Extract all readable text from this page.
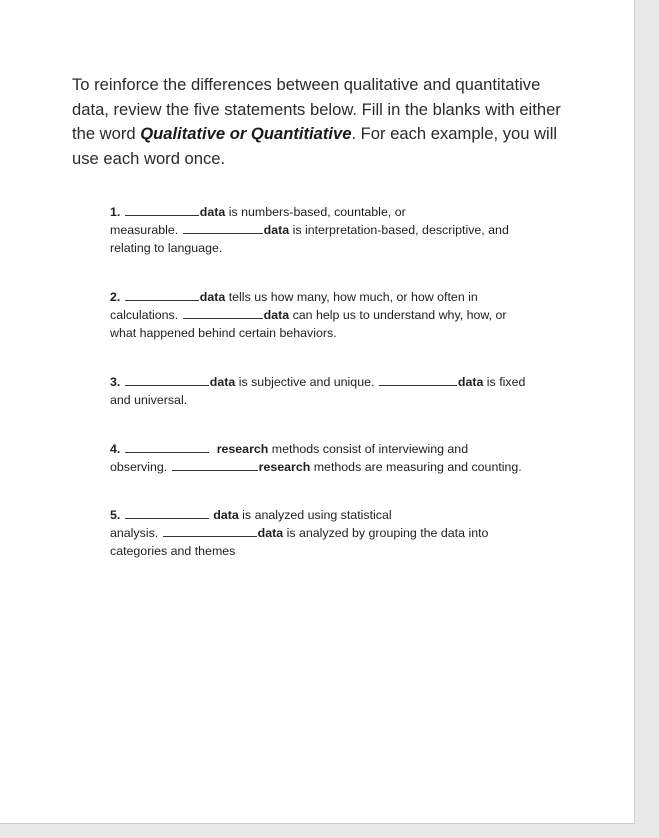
To reinforce the differences between qualitative and quantitative data, review the five statements below. Fill in the blanks with either the word Qualitative or Quantitiative. For each example, you will use each word once.
1.	data is numbers-based, countable, or
measurable.	data is interpretation-based, descriptive, and
relating to language.
2.	data tells us how many, how much, or how often in
calculations.	data can help us to understand why, how, or
what happened behind certain behaviors.
3.	data is subjective and unique.	data is fixed
and universal.
4.	research methods consist of interviewing and
observing.	research methods are measuring and counting.
5.	data is analyzed using statistical
analysis.	data is analyzed by grouping the data into
categories and themes
